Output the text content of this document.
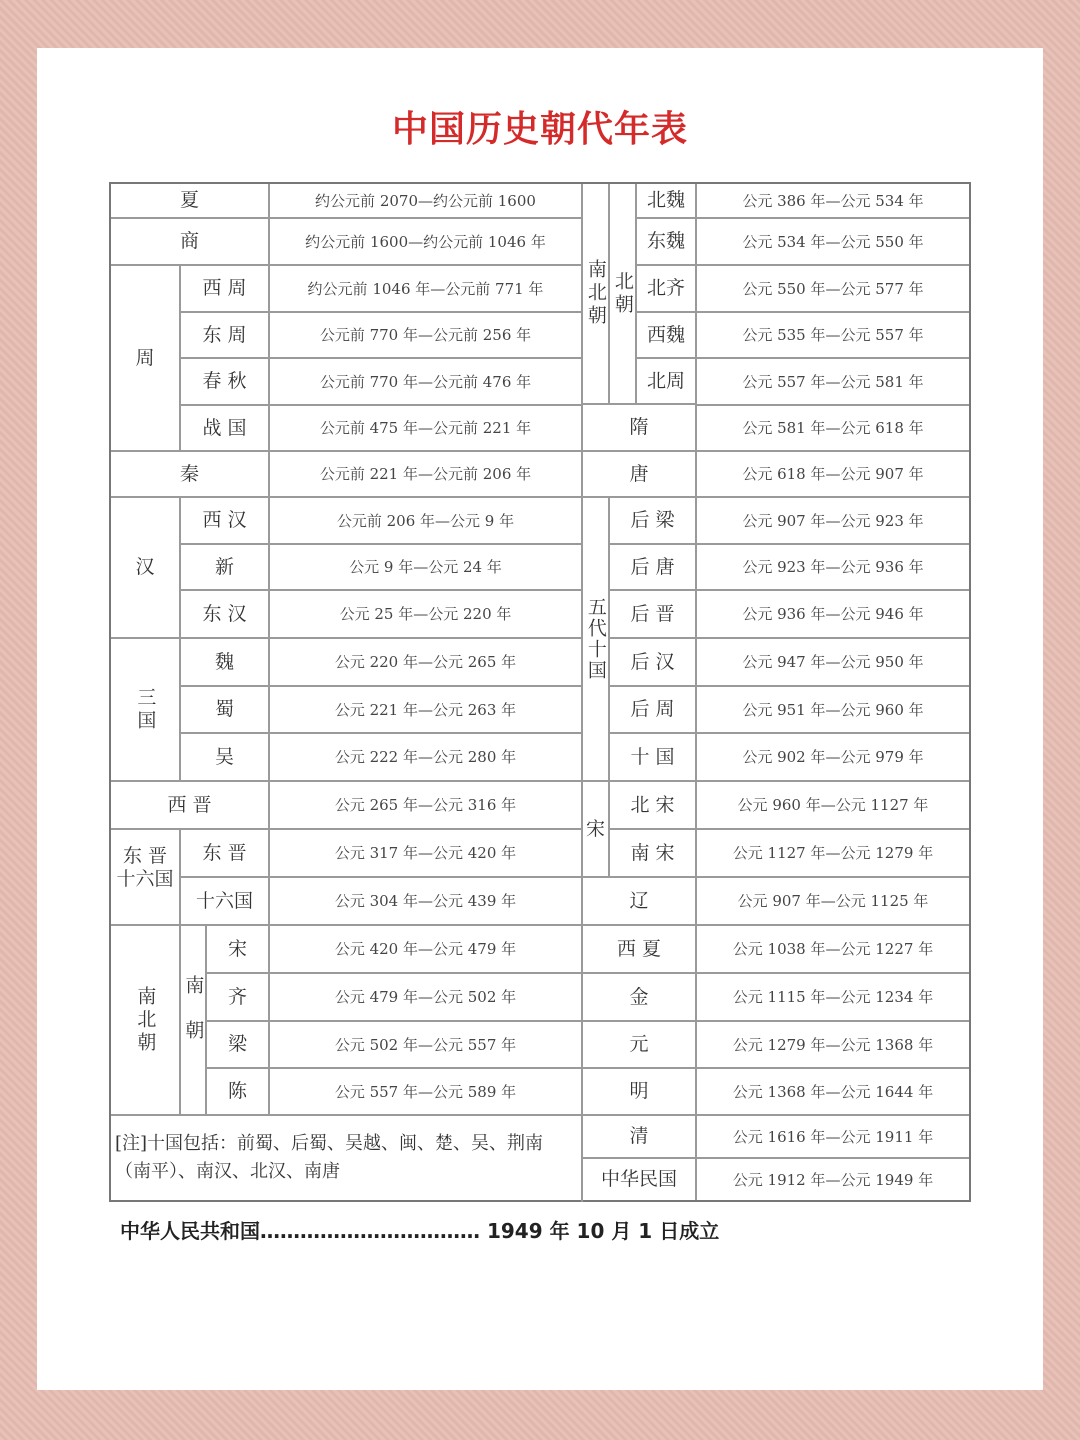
中国历史朝代年表
夏	约公元前 2070—约公元前 1600
商	约公元前 1600—约公元前 1046 年
周
西 周	约公元前 1046 年—公元前 771 年
东 周	公元前 770 年—公元前 256 年
春 秋	公元前 770 年—公元前 476 年
战 国	公元前 475 年—公元前 221 年
秦	公元前 221 年—公元前 206 年
汉
西 汉	公元前 206 年—公元 9 年
新	公元 9 年—公元 24 年
东 汉	公元 25 年—公元 220 年
三国
魏	公元 220 年—公元 265 年
蜀	公元 221 年—公元 263 年
吴	公元 222 年—公元 280 年
西 晋	公元 265 年—公元 316 年
东 晋
十六国
东 晋	公元 317 年—公元 420 年
十六国	公元 304 年—公元 439 年
南北朝 南朝
宋	公元 420 年—公元 479 年
齐	公元 479 年—公元 502 年
梁	公元 502 年—公元 557 年
陈	公元 557 年—公元 589 年
[注]十国包括：前蜀、后蜀、吴越、闽、楚、吴、荆南（南平）、南汉、北汉、南唐
南北朝 北朝
北魏	公元 386 年—公元 534 年
东魏	公元 534 年—公元 550 年
北齐	公元 550 年—公元 577 年
西魏	公元 535 年—公元 557 年
北周	公元 557 年—公元 581 年
隋	公元 581 年—公元 618 年
唐	公元 618 年—公元 907 年
五代十国
后 梁	公元 907 年—公元 923 年
后 唐	公元 923 年—公元 936 年
后 晋	公元 936 年—公元 946 年
后 汉	公元 947 年—公元 950 年
后 周	公元 951 年—公元 960 年
十 国	公元 902 年—公元 979 年
宋
北 宋	公元 960 年—公元 1127 年
南 宋	公元 1127 年—公元 1279 年
辽	公元 907 年—公元 1125 年
西 夏	公元 1038 年—公元 1227 年
金	公元 1115 年—公元 1234 年
元	公元 1279 年—公元 1368 年
明	公元 1368 年—公元 1644 年
清	公元 1616 年—公元 1911 年
中华民国	公元 1912 年—公元 1949 年
中华人民共和国…………………………… 1949 年 10 月 1 日成立
